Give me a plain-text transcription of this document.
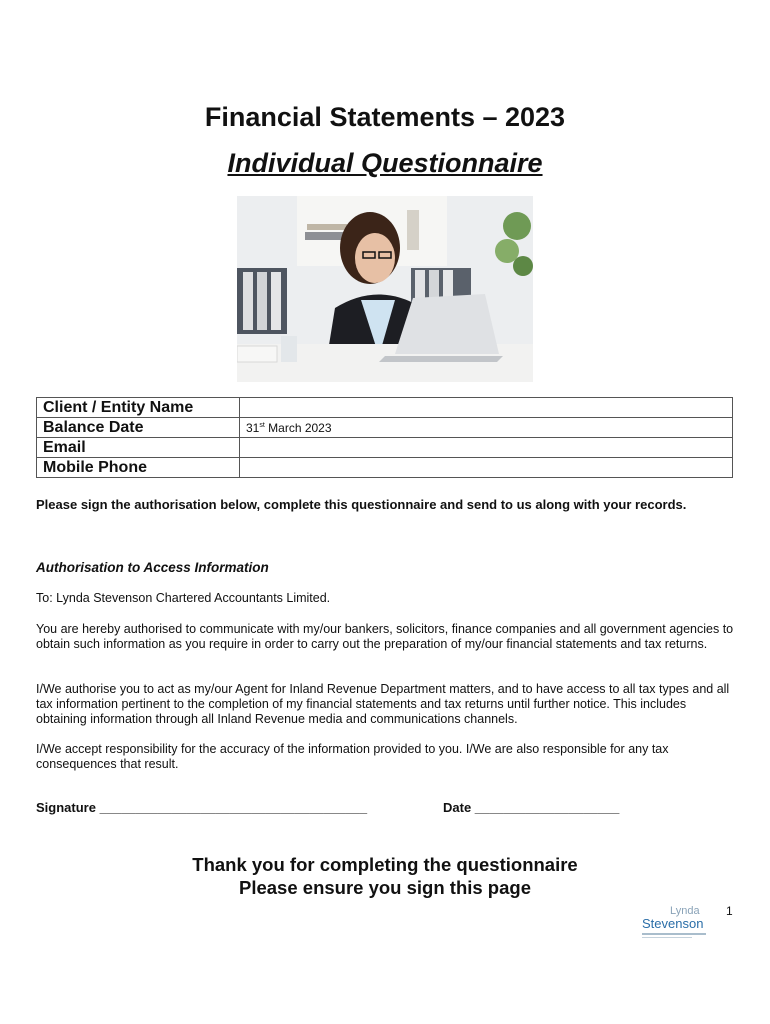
Financial Statements – 2023
Individual Questionnaire
Client / Entity Name	
Balance Date	31st March 2023
Email	
Mobile Phone	
Please sign the authorisation below, complete this questionnaire and send to us along with your records.
Authorisation to Access Information
To: Lynda Stevenson Chartered Accountants Limited.
You are hereby authorised to communicate with my/our bankers, solicitors, finance companies and all government agencies to obtain such information as you require in order to carry out the preparation of my/our financial statements and tax returns.
I/We authorise you to act as my/our Agent for Inland Revenue Department matters, and to have access to all tax types and all tax information pertinent to the completion of my financial statements and tax returns until further notice. This includes obtaining information through all Inland Revenue media and communications channels.
I/We accept responsibility for the accuracy of the information provided to you. I/We are also responsible for any tax consequences that result.
Signature _____________________________________	Date ____________________
Thank you for completing the questionnaire
Please ensure you sign this page
Lynda
Stevenson
1
